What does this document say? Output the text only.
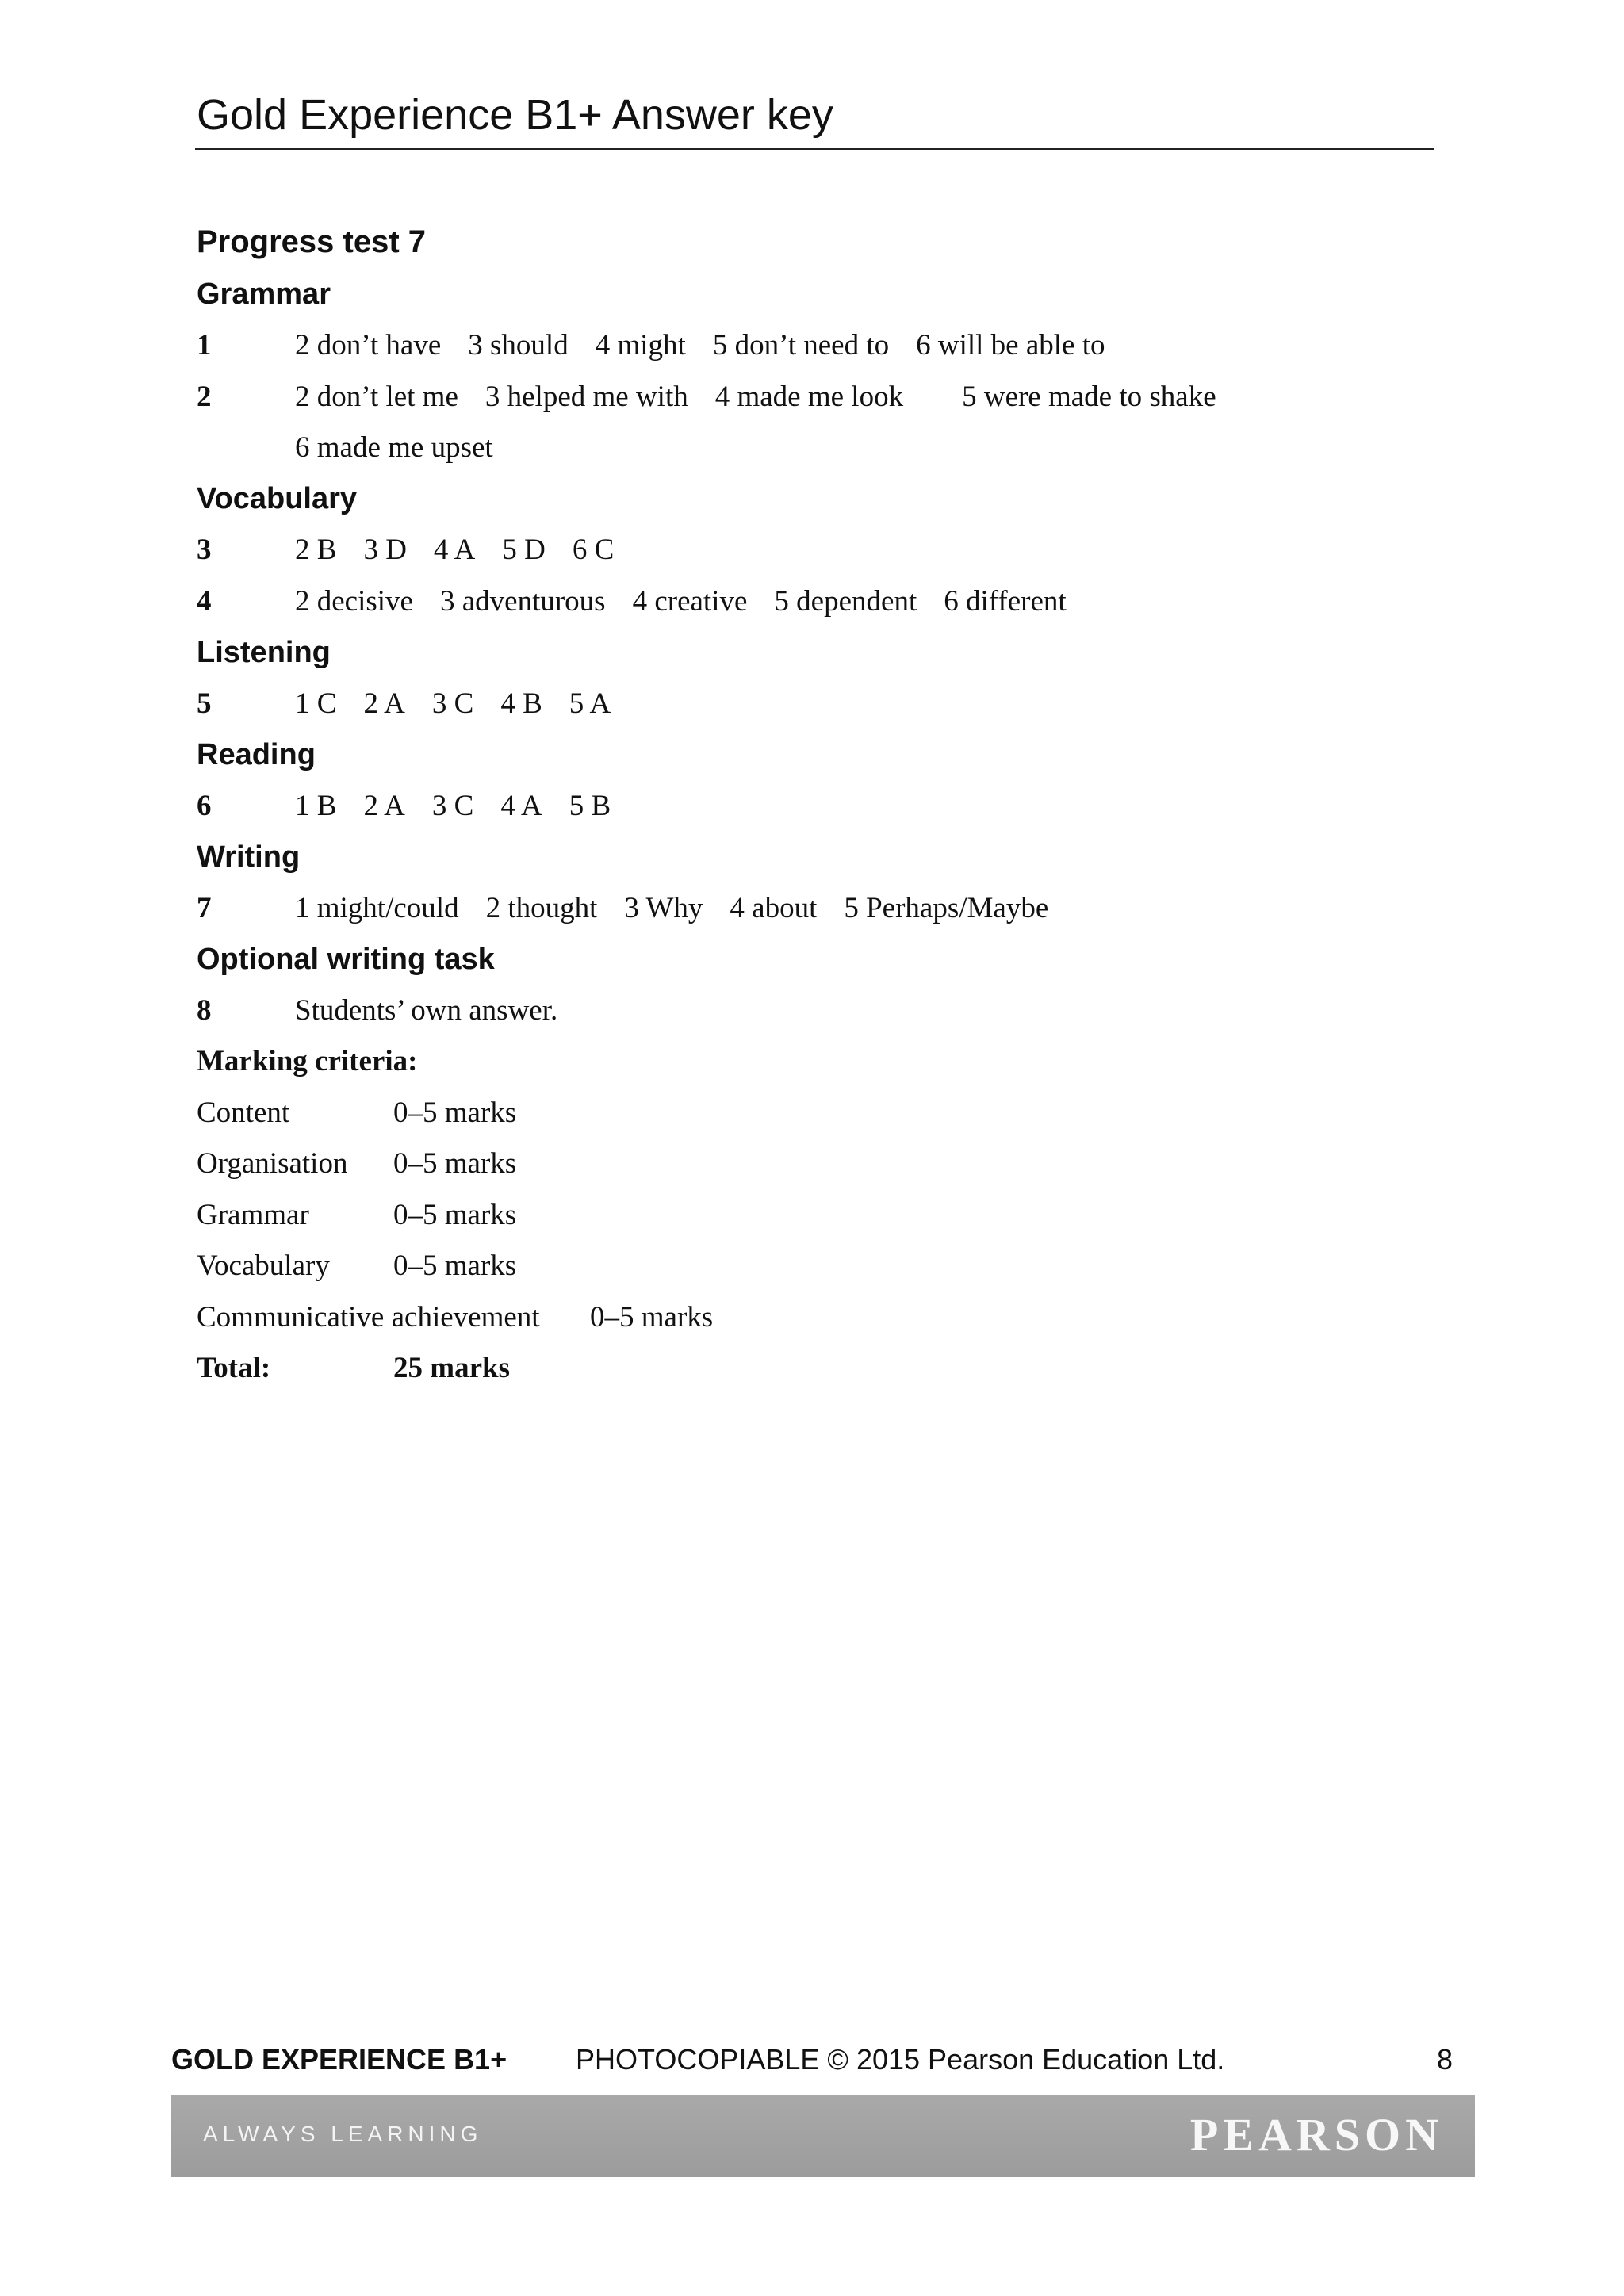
Gold Experience B1+ Answer key
Progress test 7
Grammar
1	2 don’t have 3 should 4 might 5 don’t need to 6 will be able to
2	2 don’t let me 3 helped me with 4 made me look 5 were made to shake
6 made me upset
Vocabulary
3	2 B 3 D 4 A 5 D 6 C
4	2 decisive 3 adventurous 4 creative 5 dependent 6 different
Listening
5	1 C 2 A 3 C 4 B 5 A
Reading
6	1 B 2 A 3 C 4 A 5 B
Writing
7	1 might/could 2 thought 3 Why 4 about 5 Perhaps/Maybe
Optional writing task
8	Students’ own answer.
Marking criteria:
Content	0–5 marks
Organisation 0–5 marks
Grammar	0–5 marks
Vocabulary 0–5 marks
Communicative achievement 0–5 marks
Total:	25 marks
GOLD EXPERIENCE B1+ PHOTOCOPIABLE © 2015 Pearson Education Ltd.	8
ALWAYS LEARNING	PEARSON
